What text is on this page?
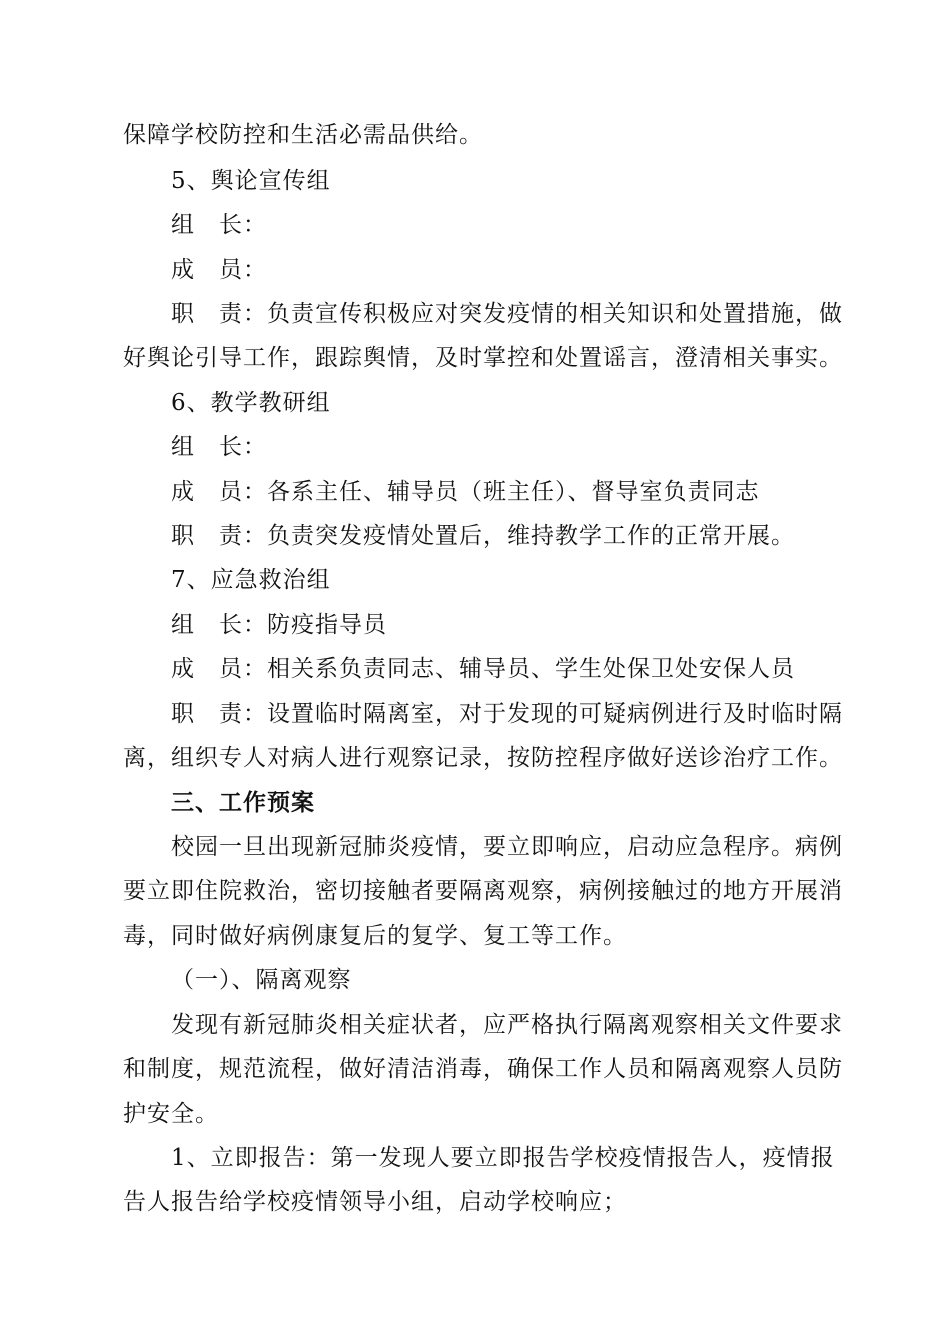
保障学校防控和生活必需品供给。
5、舆论宣传组
组　长：
成　员：
职　责：负责宣传积极应对突发疫情的相关知识和处置措施，做
好舆论引导工作，跟踪舆情，及时掌控和处置谣言，澄清相关事实。
6、教学教研组
组　长：
成　员：各系主任、辅导员（班主任）、督导室负责同志
职　责：负责突发疫情处置后，维持教学工作的正常开展。
7、应急救治组
组　长：防疫指导员
成　员：相关系负责同志、辅导员、学生处保卫处安保人员
职　责：设置临时隔离室，对于发现的可疑病例进行及时临时隔
离，组织专人对病人进行观察记录，按防控程序做好送诊治疗工作。
三、工作预案
校园一旦出现新冠肺炎疫情，要立即响应，启动应急程序。病例
要立即住院救治，密切接触者要隔离观察，病例接触过的地方开展消
毒，同时做好病例康复后的复学、复工等工作。
（一）、隔离观察
发现有新冠肺炎相关症状者，应严格执行隔离观察相关文件要求
和制度，规范流程，做好清洁消毒，确保工作人员和隔离观察人员防
护安全。
1、立即报告：第一发现人要立即报告学校疫情报告人，疫情报
告人报告给学校疫情领导小组，启动学校响应；
